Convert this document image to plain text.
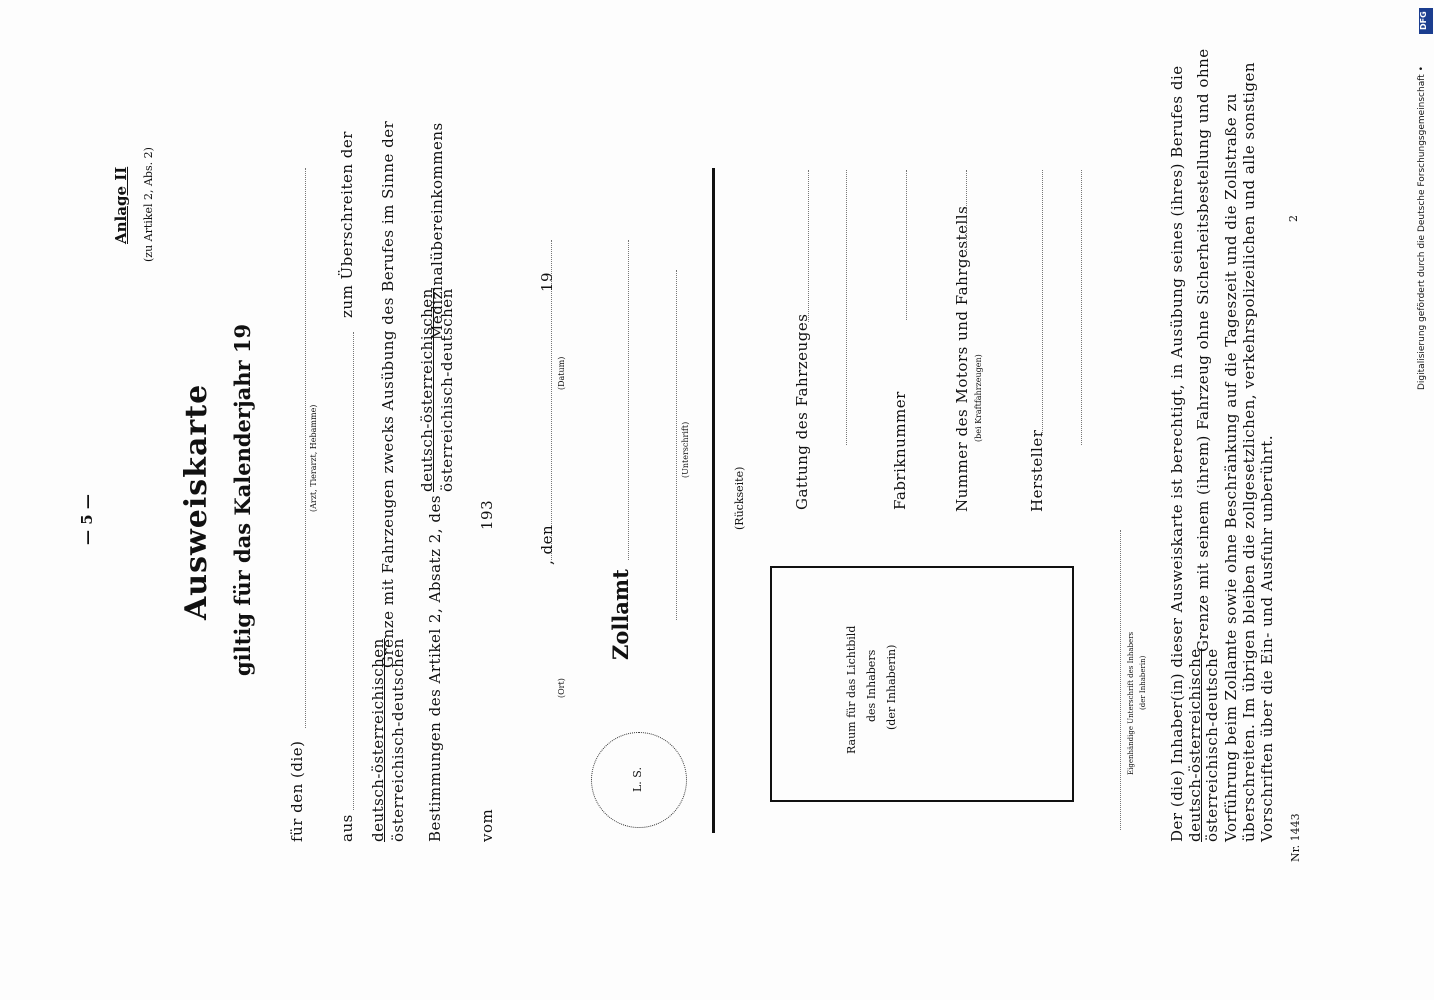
— 5 —
Anlage II (zu Artikel 2, Abs. 2)
Ausweiskarte giltig für das Kalenderjahr 19
für den (die)
(Arzt, Tierarzt, Hebamme)
aus
zum Überschreiten der
deutsch-österreichischen österreichisch-deutschen
Grenze mit Fahrzeugen zwecks Ausübung des Berufes im Sinne der
Bestimmungen des Artikel 2, Absatz 2, des
deutsch-österreichischen österreichisch-deutschen
Medizinalübereinkommens
vom
193
, den
19
(Ort)
(Datum)
Zollamt
(Unterschrift)
L. S.
(Rückseite)	Gattung des Fahrzeuges	Fabriknummer	Nummer des Motors und Fahrgestells (bei Kraftfahrzeugen)
Hersteller
Raum für das Lichtbild des Inhabers (der Inhaberin)	Eigenhändige Unterschrift des Inhabers (der Inhaberin) Der (die) Inhaber(in) dieser Ausweiskarte ist berechtigt, in Ausübung seines (ihres) Berufes die deutsch-österreichische österreichisch-deutsche
Grenze mit seinem (ihrem) Fahrzeug ohne Sicherheitsbestellung und ohne Vorführung beim Zollamte sowie ohne Beschränkung auf die Tageszeit und die Zollstraße zu überschreiten. Im übrigen bleiben die zollgesetzlichen, verkehrspolizeilichen und alle sonstigen Vorschriften über die Ein- und Ausfuhr unberührt.
2
Nr. 1443
Digitalisierung gefördert durch die Deutsche Forschungsgemeinschaft •
DFG
